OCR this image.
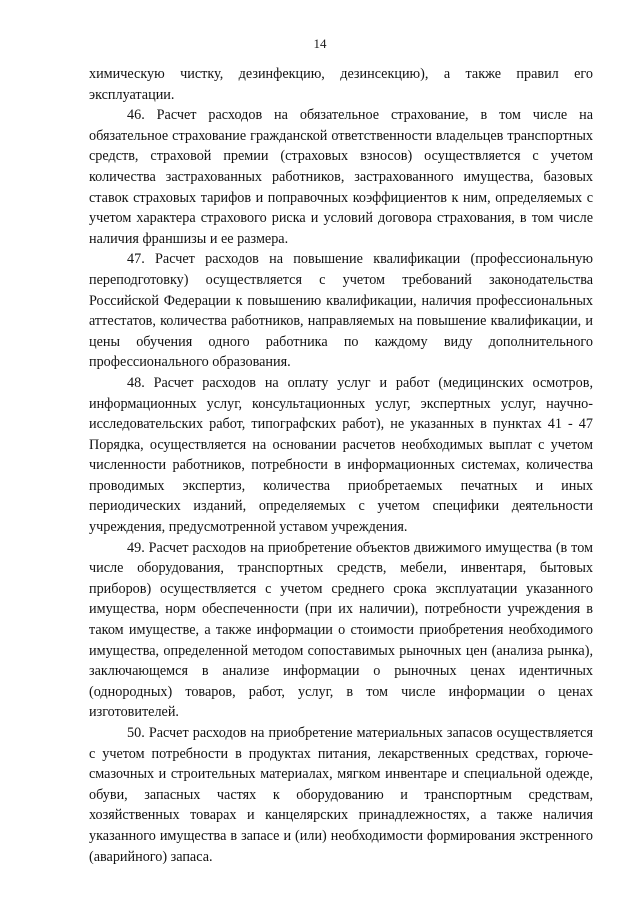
14

химическую чистку, дезинфекцию, дезинсекцию), а также правил его эксплуатации.

46. Расчет расходов на обязательное страхование, в том числе на обязательное страхование гражданской ответственности владельцев транспортных средств, страховой премии (страховых взносов) осуществляется с учетом количества застрахованных работников, застрахованного имущества, базовых ставок страховых тарифов и поправочных коэффициентов к ним, определяемых с учетом характера страхового риска и условий договора страхования, в том числе наличия франшизы и ее размера.

47. Расчет расходов на повышение квалификации (профессиональную переподготовку) осуществляется с учетом требований законодательства Российской Федерации к повышению квалификации, наличия профессиональных аттестатов, количества работников, направляемых на повышение квалификации, и цены обучения одного работника по каждому виду дополнительного профессионального образования.

48. Расчет расходов на оплату услуг и работ (медицинских осмотров, информационных услуг, консультационных услуг, экспертных услуг, научно-исследовательских работ, типографских работ), не указанных в пунктах 41 - 47 Порядка, осуществляется на основании расчетов необходимых выплат с учетом численности работников, потребности в информационных системах, количества проводимых экспертиз, количества приобретаемых печатных и иных периодических изданий, определяемых с учетом специфики деятельности учреждения, предусмотренной уставом учреждения.

49. Расчет расходов на приобретение объектов движимого имущества (в том числе оборудования, транспортных средств, мебели, инвентаря, бытовых приборов) осуществляется с учетом среднего срока эксплуатации указанного имущества, норм обеспеченности (при их наличии), потребности учреждения в таком имуществе, а также информации о стоимости приобретения необходимого имущества, определенной методом сопоставимых рыночных цен (анализа рынка), заключающемся в анализе информации о рыночных ценах идентичных (однородных) товаров, работ, услуг, в том числе информации о ценах изготовителей.

50. Расчет расходов на приобретение материальных запасов осуществляется с учетом потребности в продуктах питания, лекарственных средствах, горюче-смазочных и строительных материалах, мягком инвентаре и специальной одежде, обуви, запасных частях к оборудованию и транспортным средствам, хозяйственных товарах и канцелярских принадлежностях, а также наличия указанного имущества в запасе и (или) необходимости формирования экстренного (аварийного) запаса.
